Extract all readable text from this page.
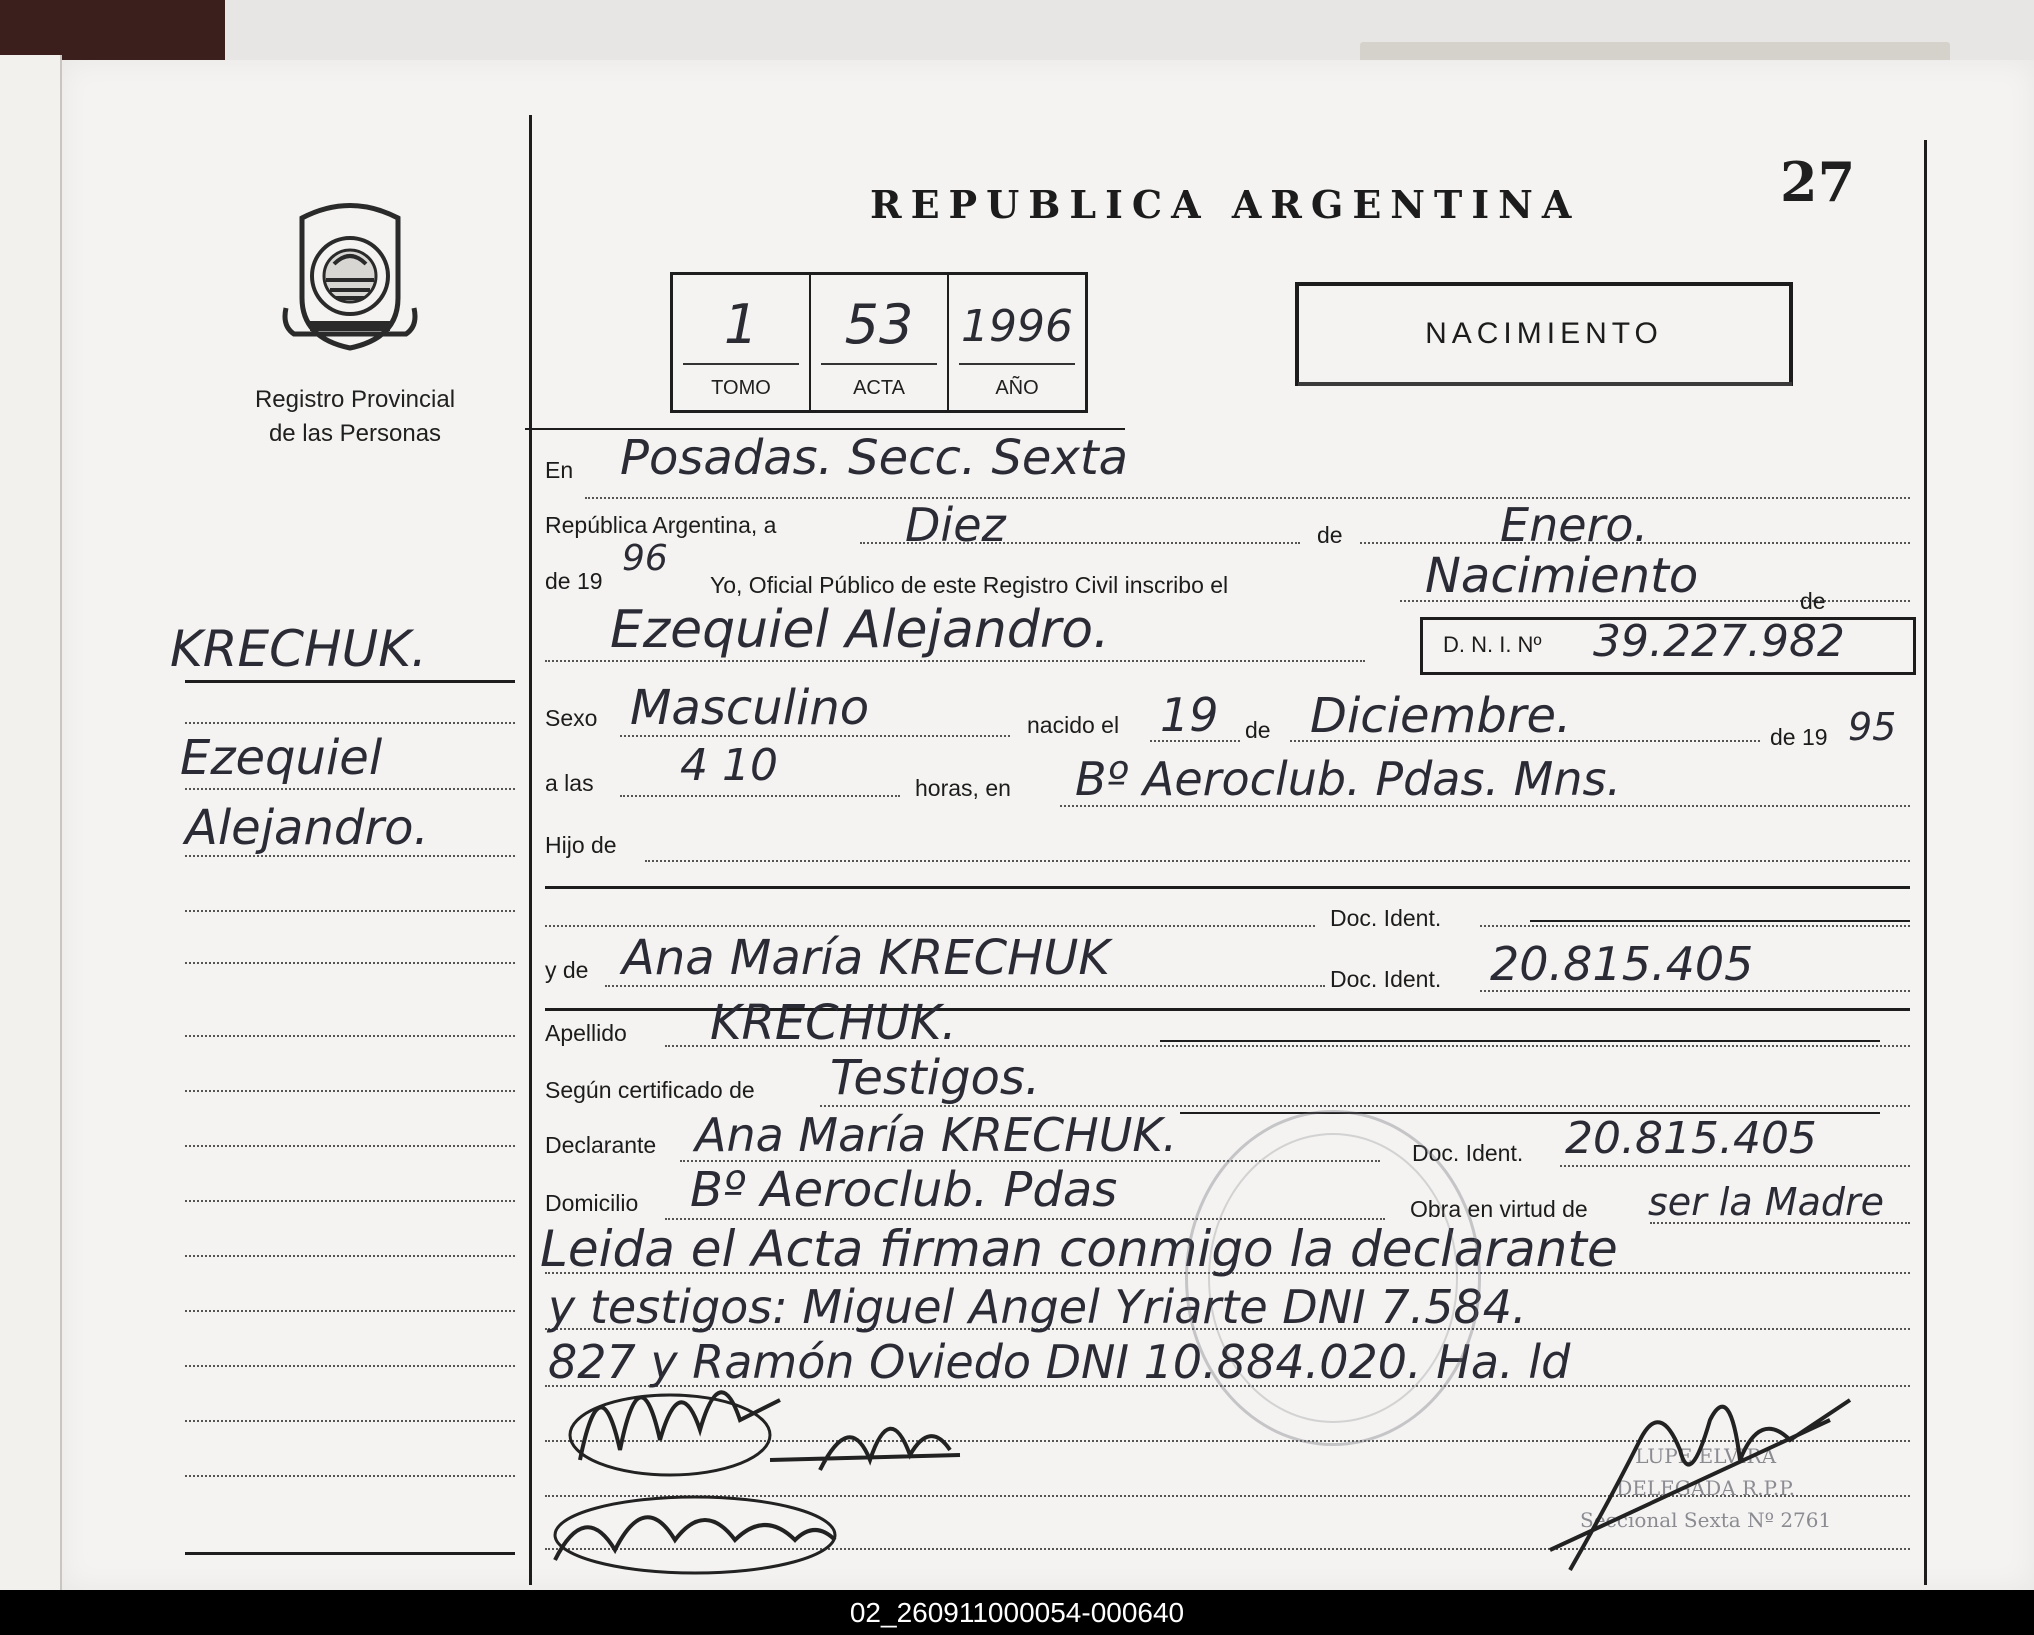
Registro Provincial
de las Personas
27
REPUBLICA ARGENTINA
1
TOMO
53
ACTA
1996
AÑO
NACIMIENTO
KRECHUK.
Ezequiel
Alejandro.
En Posadas. Secc. Sexta
República Argentina, a	Diez	de	Enero.
de 19
96
Yo, Oficial Público de este Registro Civil inscribo el	Nacimiento	de
Ezequiel Alejandro.	D. N. I. Nº 39.227.982
Sexo Masculino	nacido el 19 de Diciembre.	de 19 95
a las 4 10	horas, en Bº Aeroclub. Pdas. Mns.
Hijo de
Doc. Ident.
y de Ana María KRECHUK	Doc. Ident. 20.815.405
Apellido KRECHUK.
Según certificado de Testigos.
Declarante Ana María KRECHUK.	Doc. Ident. 20.815.405
Domicilio Bº Aeroclub. Pdas	Obra en virtud de ser la Madre
Leida el Acta firman conmigo la declarante
y testigos: Miguel Angel Yriarte DNI 7.584.
827 y Ramón Oviedo DNI 10.884.020. Ha. ld
LUPE ELVIRA
DELEGADA R.P.P.
Seccional Sexta Nº 2761
02_260911000054-000640
